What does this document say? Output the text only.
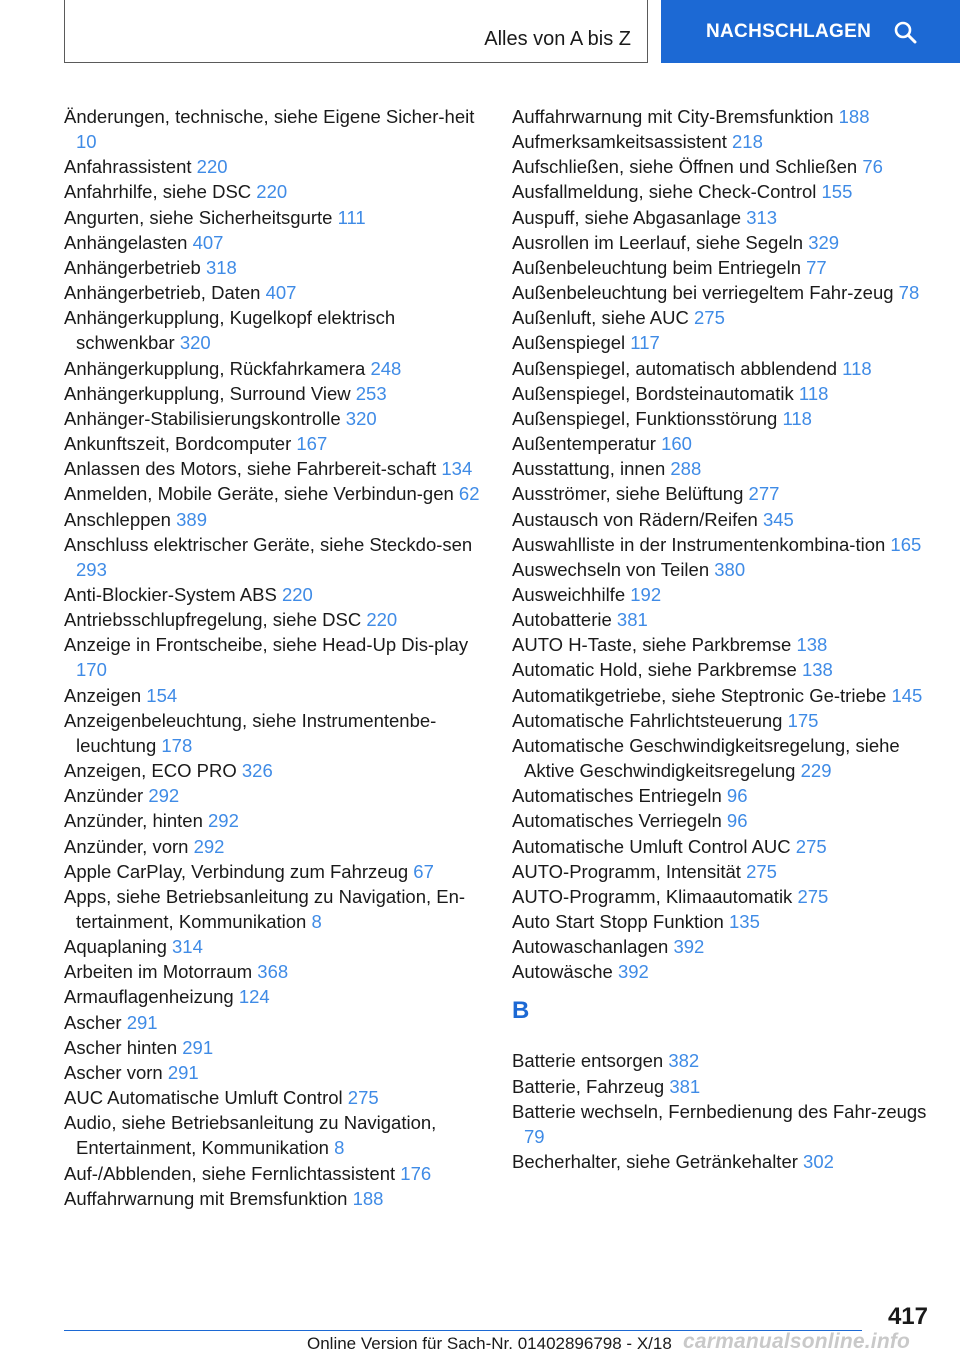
Alles von A bis Z	NACHSCHLAGEN

Änderungen, technische, siehe Eigene Sicher-heit 10

Anfahrassistent 220

Anfahrhilfe, siehe DSC 220

Angurten, siehe Sicherheitsgurte 111

Anhängelasten 407

Anhängerbetrieb 318

Anhängerbetrieb, Daten 407

Anhängerkupplung, Kugelkopf elektrisch schwenkbar 320

Anhängerkupplung, Rückfahrkamera 248

Anhängerkupplung, Surround View 253

Anhänger-Stabilisierungskontrolle 320

Ankunftszeit, Bordcomputer 167

Anlassen des Motors, siehe Fahrbereit-schaft 134

Anmelden, Mobile Geräte, siehe Verbindun-gen 62

Anschleppen 389

Anschluss elektrischer Geräte, siehe Steckdo-sen 293

Anti-Blockier-System ABS 220

Antriebsschlupfregelung, siehe DSC 220

Anzeige in Frontscheibe, siehe Head-Up Dis-play 170

Anzeigen 154

Anzeigenbeleuchtung, siehe Instrumentenbe-leuchtung 178

Anzeigen, ECO PRO 326

Anzünder 292

Anzünder, hinten 292

Anzünder, vorn 292

Apple CarPlay, Verbindung zum Fahrzeug 67

Apps, siehe Betriebsanleitung zu Navigation, En-tertainment, Kommunikation 8

Aquaplaning 314

Arbeiten im Motorraum 368

Armauflagenheizung 124

Ascher 291

Ascher hinten 291

Ascher vorn 291

AUC Automatische Umluft Control 275

Audio, siehe Betriebsanleitung zu Navigation, Entertainment, Kommunikation 8

Auf-/Abblenden, siehe Fernlichtassistent 176

Auffahrwarnung mit Bremsfunktion 188

Auffahrwarnung mit City-Bremsfunktion 188

Aufmerksamkeitsassistent 218

Aufschließen, siehe Öffnen und Schließen 76

Ausfallmeldung, siehe Check-Control 155

Auspuff, siehe Abgasanlage 313

Ausrollen im Leerlauf, siehe Segeln 329

Außenbeleuchtung beim Entriegeln 77

Außenbeleuchtung bei verriegeltem Fahr-zeug 78

Außenluft, siehe AUC 275

Außenspiegel 117

Außenspiegel, automatisch abblendend 118

Außenspiegel, Bordsteinautomatik 118

Außenspiegel, Funktionsstörung 118

Außentemperatur 160

Ausstattung, innen 288

Ausströmer, siehe Belüftung 277

Austausch von Rädern/Reifen 345

Auswahlliste in der Instrumentenkombina-tion 165

Auswechseln von Teilen 380

Ausweichhilfe 192

Autobatterie 381

AUTO H-Taste, siehe Parkbremse 138

Automatic Hold, siehe Parkbremse 138

Automatikgetriebe, siehe Steptronic Ge-triebe 145

Automatische Fahrlichtsteuerung 175

Automatische Geschwindigkeitsregelung, siehe Aktive Geschwindigkeitsregelung 229

Automatisches Entriegeln 96

Automatisches Verriegeln 96

Automatische Umluft Control AUC 275

AUTO-Programm, Intensität 275

AUTO-Programm, Klimaautomatik 275

Auto Start Stopp Funktion 135

Autowaschanlagen 392

Autowäsche 392

B

Batterie entsorgen 382

Batterie, Fahrzeug 381

Batterie wechseln, Fernbedienung des Fahr-zeugs 79

Becherhalter, siehe Getränkehalter 302

417
Online Version für Sach-Nr. 01402896798 - X/18 carmanualsonline.info
